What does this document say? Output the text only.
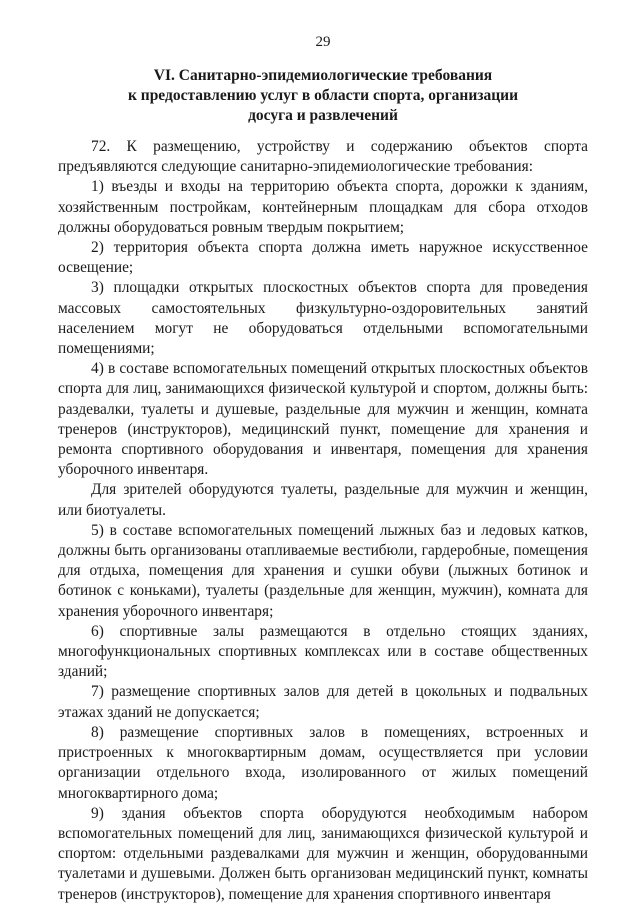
29
VI. Санитарно-эпидемиологические требования
к предоставлению услуг в области спорта, организации
досуга и развлечений

72. К размещению, устройству и содержанию объектов спорта предъявляются следующие санитарно-эпидемиологические требования:

1) въезды и входы на территорию объекта спорта, дорожки к зданиям, хозяйственным постройкам, контейнерным площадкам для сбора отходов должны оборудоваться ровным твердым покрытием;

2) территория объекта спорта должна иметь наружное искусственное освещение;

3) площадки открытых плоскостных объектов спорта для проведения массовых самостоятельных физкультурно-оздоровительных занятий населением могут не оборудоваться отдельными вспомогательными помещениями;

4) в составе вспомогательных помещений открытых плоскостных объектов спорта для лиц, занимающихся физической культурой и спортом, должны быть: раздевалки, туалеты и душевые, раздельные для мужчин и женщин, комната тренеров (инструкторов), медицинский пункт, помещение для хранения и ремонта спортивного оборудования и инвентаря, помещения для хранения уборочного инвентаря.

Для зрителей оборудуются туалеты, раздельные для мужчин и женщин, или биотуалеты.

5) в составе вспомогательных помещений лыжных баз и ледовых катков, должны быть организованы отапливаемые вестибюли, гардеробные, помещения для отдыха, помещения для хранения и сушки обуви (лыжных ботинок и ботинок с коньками), туалеты (раздельные для женщин, мужчин), комната для хранения уборочного инвентаря;

6) спортивные залы размещаются в отдельно стоящих зданиях, многофункциональных спортивных комплексах или в составе общественных зданий;

7) размещение спортивных залов для детей в цокольных и подвальных этажах зданий не допускается;

8) размещение спортивных залов в помещениях, встроенных и пристроенных к многоквартирным домам, осуществляется при условии организации отдельного входа, изолированного от жилых помещений многоквартирного дома;

9) здания объектов спорта оборудуются необходимым набором вспомогательных помещений для лиц, занимающихся физической культурой и спортом: отдельными раздевалками для мужчин и женщин, оборудованными туалетами и душевыми. Должен быть организован медицинский пункт, комнаты тренеров (инструкторов), помещение для хранения спортивного инвентаря
